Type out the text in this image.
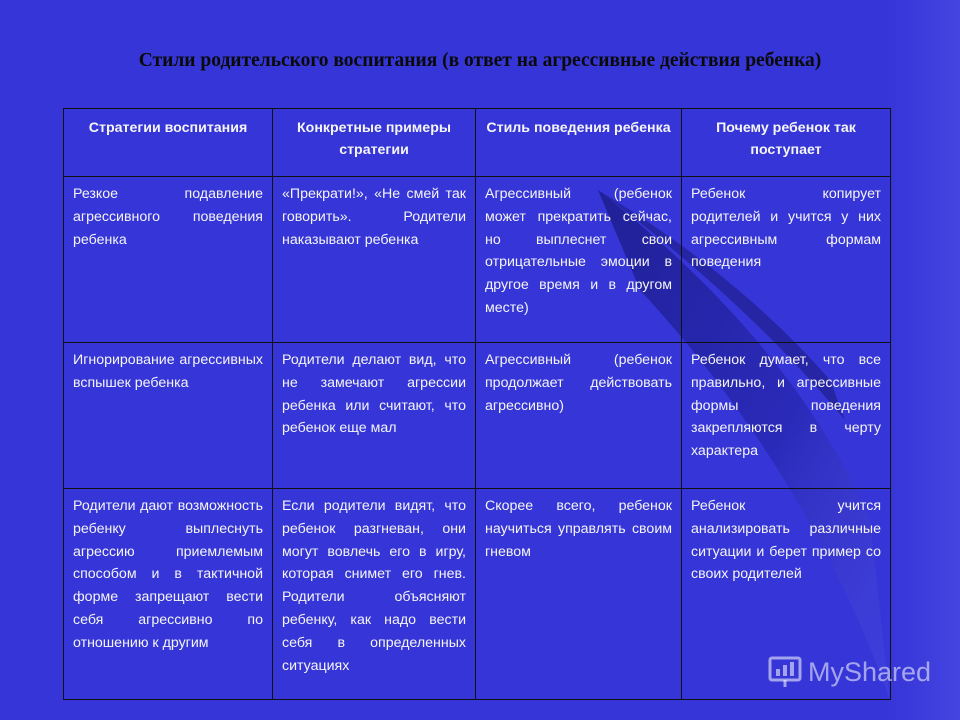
Стили родительского воспитания (в ответ на агрессивные действия ребенка)
Стратегии воспитания	Конкретные примеры стратегии	Стиль поведения ребенка	Почему ребенок так поступает
Резкое подавление агрессивного поведения ребенка	«Прекрати!», «Не смей так говорить». Родители наказывают ребенка	Агрессивный (ребенок может прекратить сейчас, но выплеснет свои отрицательные эмоции в другое время и в другом месте)	Ребенок копирует родителей и учится у них агрессивным формам поведения
Игнорирование агрессивных вспышек ребенка	Родители делают вид, что не замечают агрессии ребенка или считают, что ребенок еще мал	Агрессивный (ребенок продолжает действовать агрессивно)	Ребенок думает, что все правильно, и агрессивные формы поведения закрепляются в черту характера
Родители дают возможность ребенку выплеснуть агрессию приемлемым способом и в тактичной форме запрещают вести себя агрессивно по отношению к другим	Если родители видят, что ребенок разгневан, они могут вовлечь его в игру, которая снимет его гнев. Родители объясняют ребенку, как надо вести себя в определенных ситуациях	Скорее всего, ребенок научиться управлять своим гневом	Ребенок учится анализировать различные ситуации и берет пример со своих родителей
MyShared
